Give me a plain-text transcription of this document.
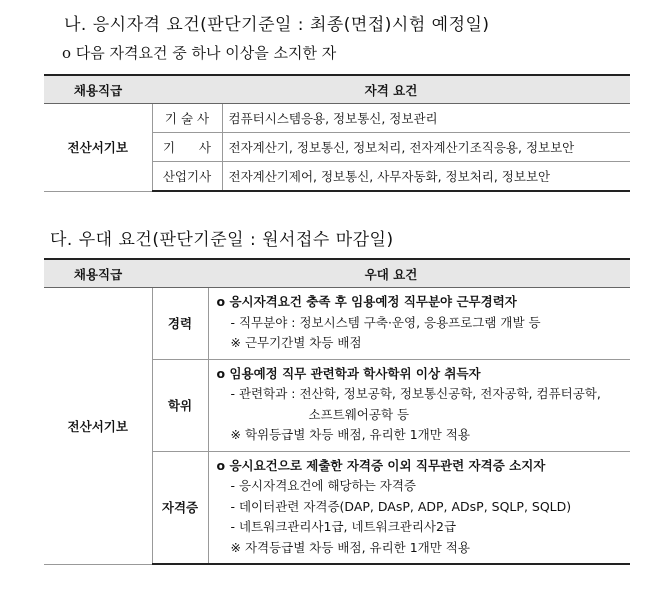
나. 응시자격 요건(판단기준일 : 최종(면접)시험 예정일)
o 다음 자격요건 중 하나 이상을 소지한 자
채용직급	자격 요건	
전산서기보	기 술 사	컴퓨터시스템응용, 정보통신, 정보관리
	기      사	전자계산기, 정보통신, 정보처리, 전자계산기조직응용, 정보보안
	산업기사	전자계산기제어, 정보통신, 사무자동화, 정보처리, 정보보안
다. 우대 요건(판단기준일 : 원서접수 마감일)
채용직급	우대 요건	
전산서기보	경력	o 응시자격요건 충족 후 임용예정 직무분야 근무경력자
- 직무분야 : 정보시스템 구축·운영, 응용프로그램 개발 등
※ 근무기간별 차등 배점

	학위	o 임용예정 직무 관련학과 학사학위 이상 취득자
- 관련학과 : 전산학, 정보공학, 정보통신공학, 전자공학, 컴퓨터공학,
소프트웨어공학 등
※ 학위등급별 차등 배점, 유리한 1개만 적용

	자격증	o 응시요건으로 제출한 자격증 이외 직무관련 자격증 소지자
- 응시자격요건에 해당하는 자격증
- 데이터관련 자격증(DAP, DAsP, ADP, ADsP, SQLP, SQLD)
- 네트워크관리사1급, 네트워크관리사2급
※ 자격등급별 차등 배점, 유리한 1개만 적용
